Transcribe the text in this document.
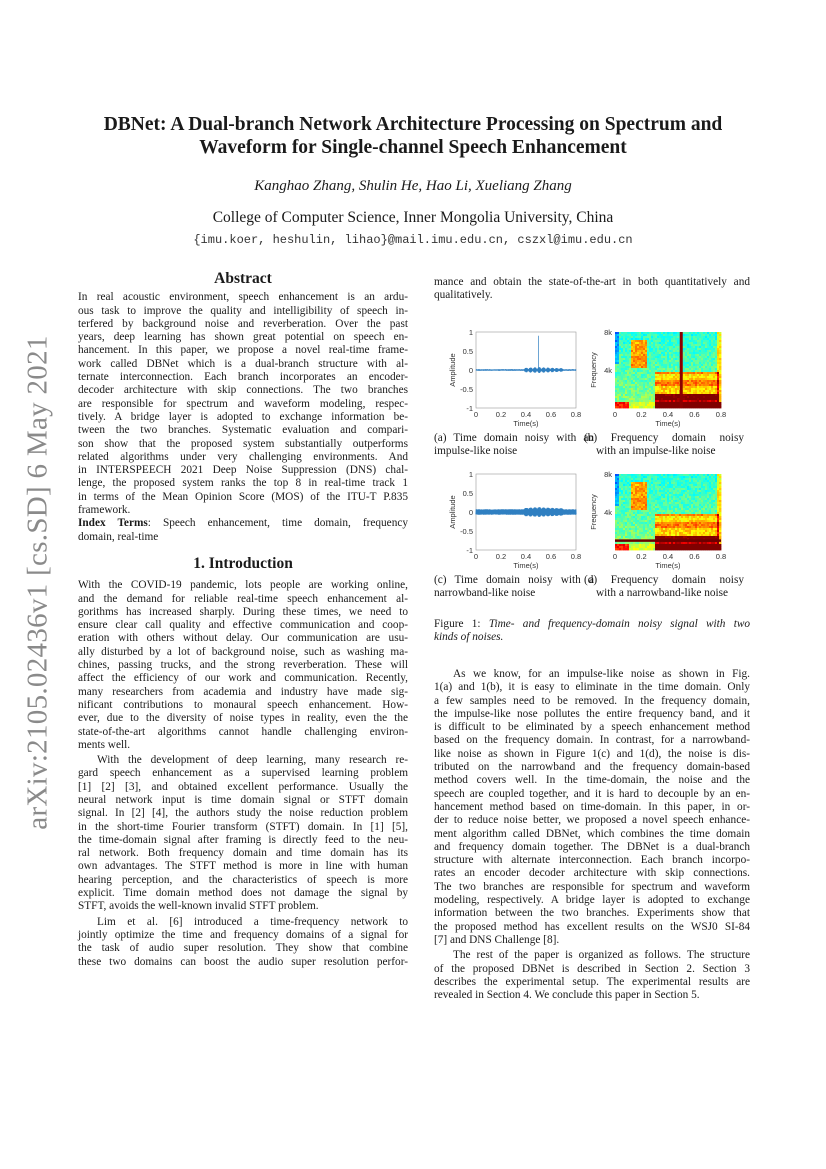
arXiv:2105.02436v1 [cs.SD] 6 May 2021
DBNet: A Dual-branch Network Architecture Processing on Spectrum and
Waveform for Single-channel Speech Enhancement
Kanghao Zhang, Shulin He, Hao Li, Xueliang Zhang
College of Computer Science, Inner Mongolia University, China
{imu.koer, heshulin, lihao}@mail.imu.edu.cn, cszxl@imu.edu.cn
Abstract
In real acoustic environment, speech enhancement is an ardu-
ous task to improve the quality and intelligibility of speech in-
terfered by background noise and reverberation. Over the past
years, deep learning has shown great potential on speech en-
hancement. In this paper, we propose a novel real-time frame-
work called DBNet which is a dual-branch structure with al-
ternate interconnection. Each branch incorporates an encoder-
decoder architecture with skip connections. The two branches
are responsible for spectrum and waveform modeling, respec-
tively. A bridge layer is adopted to exchange information be-
tween the two branches. Systematic evaluation and compari-
son show that the proposed system substantially outperforms
related algorithms under very challenging environments. And
in INTERSPEECH 2021 Deep Noise Suppression (DNS) chal-
lenge, the proposed system ranks the top 8 in real-time track 1
in terms of the Mean Opinion Score (MOS) of the ITU-T P.835
framework.
Index Terms: Speech enhancement, time domain, frequency
domain, real-time
1. Introduction
With the COVID-19 pandemic, lots people are working online,
and the demand for reliable real-time speech enhancement al-
gorithms has increased sharply. During these times, we need to
ensure clear call quality and effective communication and coop-
eration with others without delay. Our communication are usu-
ally disturbed by a lot of background noise, such as washing ma-
chines, passing trucks, and the strong reverberation. These will
affect the efficiency of our work and communication. Recently,
many researchers from academia and industry have made sig-
nificant contributions to monaural speech enhancement. How-
ever, due to the diversity of noise types in reality, even the the
state-of-the-art algorithms cannot handle challenging environ-
ments well.
With the development of deep learning, many research re-
gard speech enhancement as a supervised learning problem
[1] [2] [3], and obtained excellent performance. Usually the
neural network input is time domain signal or STFT domain
signal. In [2] [4], the authors study the noise reduction problem
in the short-time Fourier transform (STFT) domain. In [1] [5],
the time-domain signal after framing is directly feed to the neu-
ral network. Both frequency domain and time domain has its
own advantages. The STFT method is more in line with human
hearing perception, and the characteristics of speech is more
explicit. Time domain method does not damage the signal by
STFT, avoids the well-known invalid STFT problem.
Lim et al. [6] introduced a time-frequency network to
jointly optimize the time and frequency domains of a signal for
the task of audio super resolution. They show that combine
these two domains can boost the audio super resolution perfor-
mance and obtain the state-of-the-art in both quantitatively and
qualitatively.
1
0.5
0
-0.5
-1
0 0.2 0.4 0.6 0.8
Time(s)
Amplitude
(a) Time domain noisy with an
impulse-like noise
8k
4k
0	0.2 0.4 0.6 0.8
Time(s)
Frequency
(b) Frequency domain noisy
with an impulse-like noise
1
0.5
0
-0.5
-1
0 0.2 0.4 0.6 0.8
Time(s)
Amplitude
(c) Time domain noisy with a
narrowband-like noise
8k
4k
0	0.2 0.4 0.6 0.8
Time(s)
Frequency
(d) Frequency domain noisy
with a narrowband-like noise
Figure 1: Time- and frequency-domain noisy signal with two
kinds of noises.
As we know, for an impulse-like noise as shown in Fig.
1(a) and 1(b), it is easy to eliminate in the time domain. Only
a few samples need to be removed. In the frequency domain,
the impulse-like nose pollutes the entire frequency band, and it
is difficult to be eliminated by a speech enhancement method
based on the frequency domain. In contrast, for a narrowband-
like noise as shown in Figure 1(c) and 1(d), the noise is dis-
tributed on the narrowband and the frequency domain-based
method covers well. In the time-domain, the noise and the
speech are coupled together, and it is hard to decouple by an en-
hancement method based on time-domain. In this paper, in or-
der to reduce noise better, we proposed a novel speech enhance-
ment algorithm called DBNet, which combines the time domain
and frequency domain together. The DBNet is a dual-branch
structure with alternate interconnection. Each branch incorpo-
rates an encoder decoder architecture with skip connections.
The two branches are responsible for spectrum and waveform
modeling, respectively. A bridge layer is adopted to exchange
information between the two branches. Experiments show that
the proposed method has excellent results on the WSJ0 SI-84
[7] and DNS Challenge [8].
The rest of the paper is organized as follows. The structure
of the proposed DBNet is described in Section 2. Section 3
describes the experimental setup. The experimental results are
revealed in Section 4. We conclude this paper in Section 5.
